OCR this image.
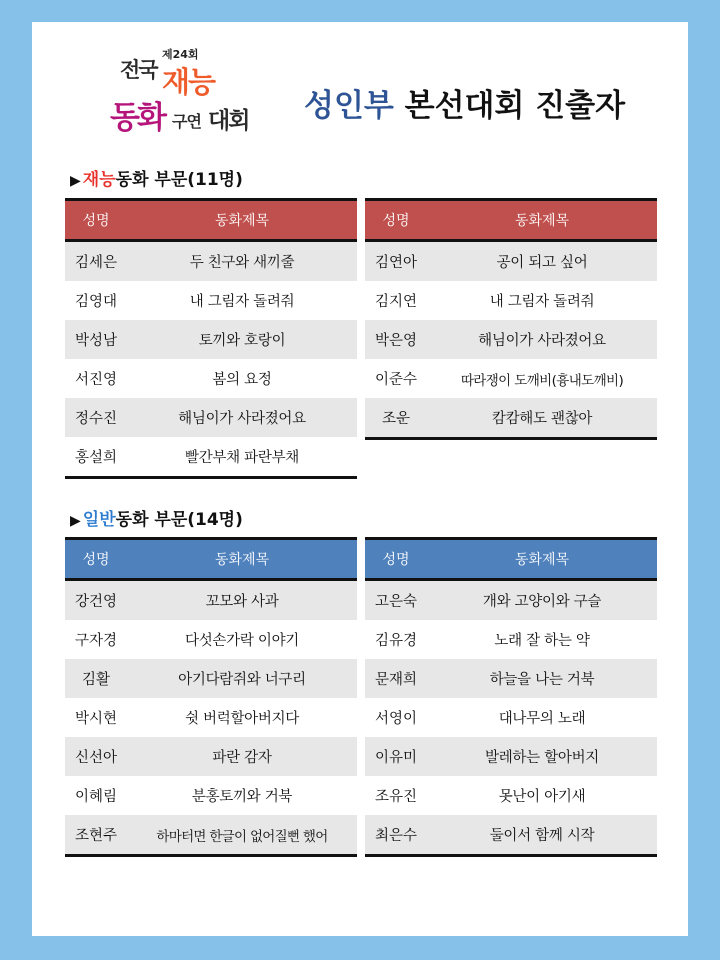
제24회
전국 재능
동화 구연 대회 성인부 본선대회 진출자
▶ 재능동화 부문(11명)
성명	동화제목
김세은	두 친구와 새끼줄
김영대	내 그림자 돌려줘
박성남	토끼와 호랑이
서진영	봄의 요정
정수진	해님이가 사라졌어요
홍설희	빨간부채 파란부채
성명	동화제목
김연아	공이 되고 싶어
김지연	내 그림자 돌려줘
박은영	해님이가 사라졌어요
이준수	따라쟁이 도깨비(흉내도깨비)
조운	캄캄해도 괜찮아
▶ 일반동화 부문(14명)
성명	동화제목
강건영	꼬모와 사과
구자경	다섯손가락 이야기
김활	아기다람쥐와 너구리
박시현	쉿 버럭할아버지다
신선아	파란 감자
이혜림	분홍토끼와 거북
조현주	하마터면 한글이 없어질뻔 했어
성명	동화제목
고은숙	개와 고양이와 구슬
김유경	노래 잘 하는 약
문재희	하늘을 나는 거북
서영이	대나무의 노래
이유미	발레하는 할아버지
조유진	못난이 아기새
최은수	둘이서 함께 시작
